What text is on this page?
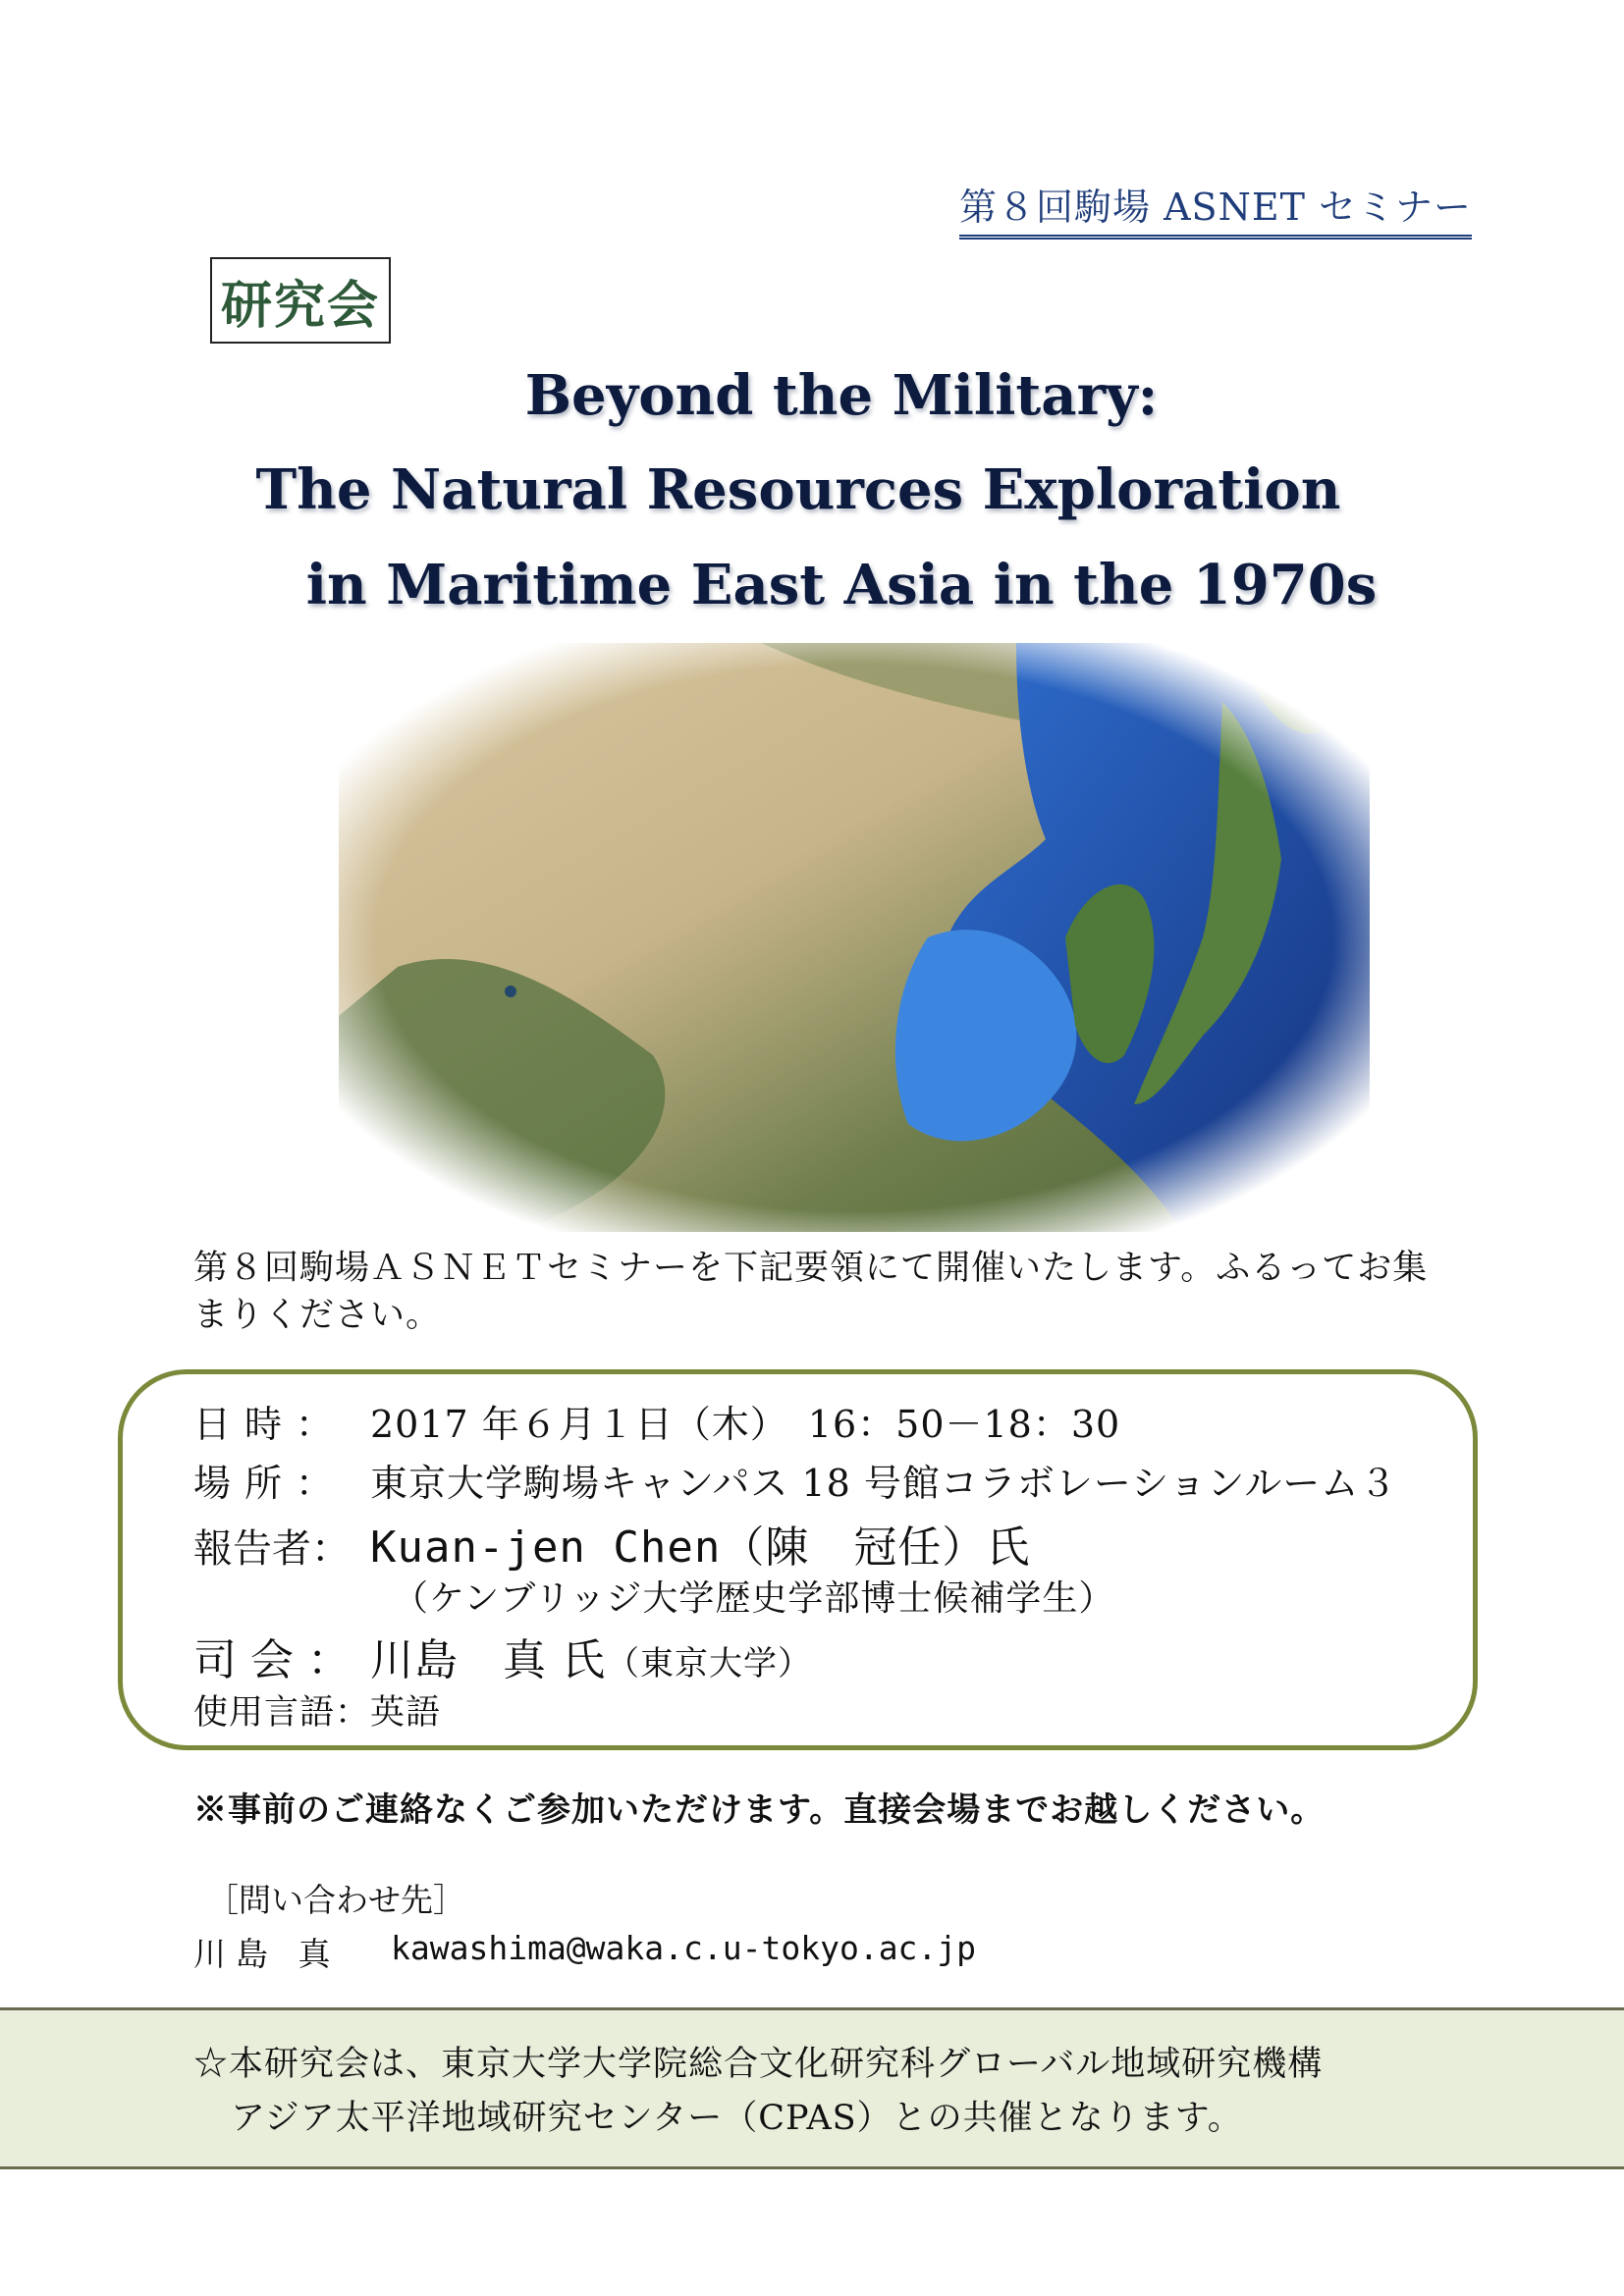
第８回駒場 ASNET セミナー
研究会
Beyond the Military:
The Natural Resources Exploration
in Maritime East Asia in the 1970s
第８回駒場ＡＳＮＥＴセミナーを下記要領にて開催いたします。ふるってお集まりください。
日時： 2017 年６月１日（木）　16：50－18：30
場所： 東京大学駒場キャンパス 18 号館コラボレーションルーム３
報告者： Kuan-jen Chen（陳　冠任）氏
（ケンブリッジ大学歴史学部博士候補学生）
司会： 川島　真 氏（東京大学）
使用言語：英語
※事前のご連絡なくご参加いただけます。直接会場までお越しください。
［問い合わせ先］
川島 真 kawashima@waka.c.u-tokyo.ac.jp
☆本研究会は、東京大学大学院総合文化研究科グローバル地域研究機構
アジア太平洋地域研究センター（CPAS）との共催となります。
